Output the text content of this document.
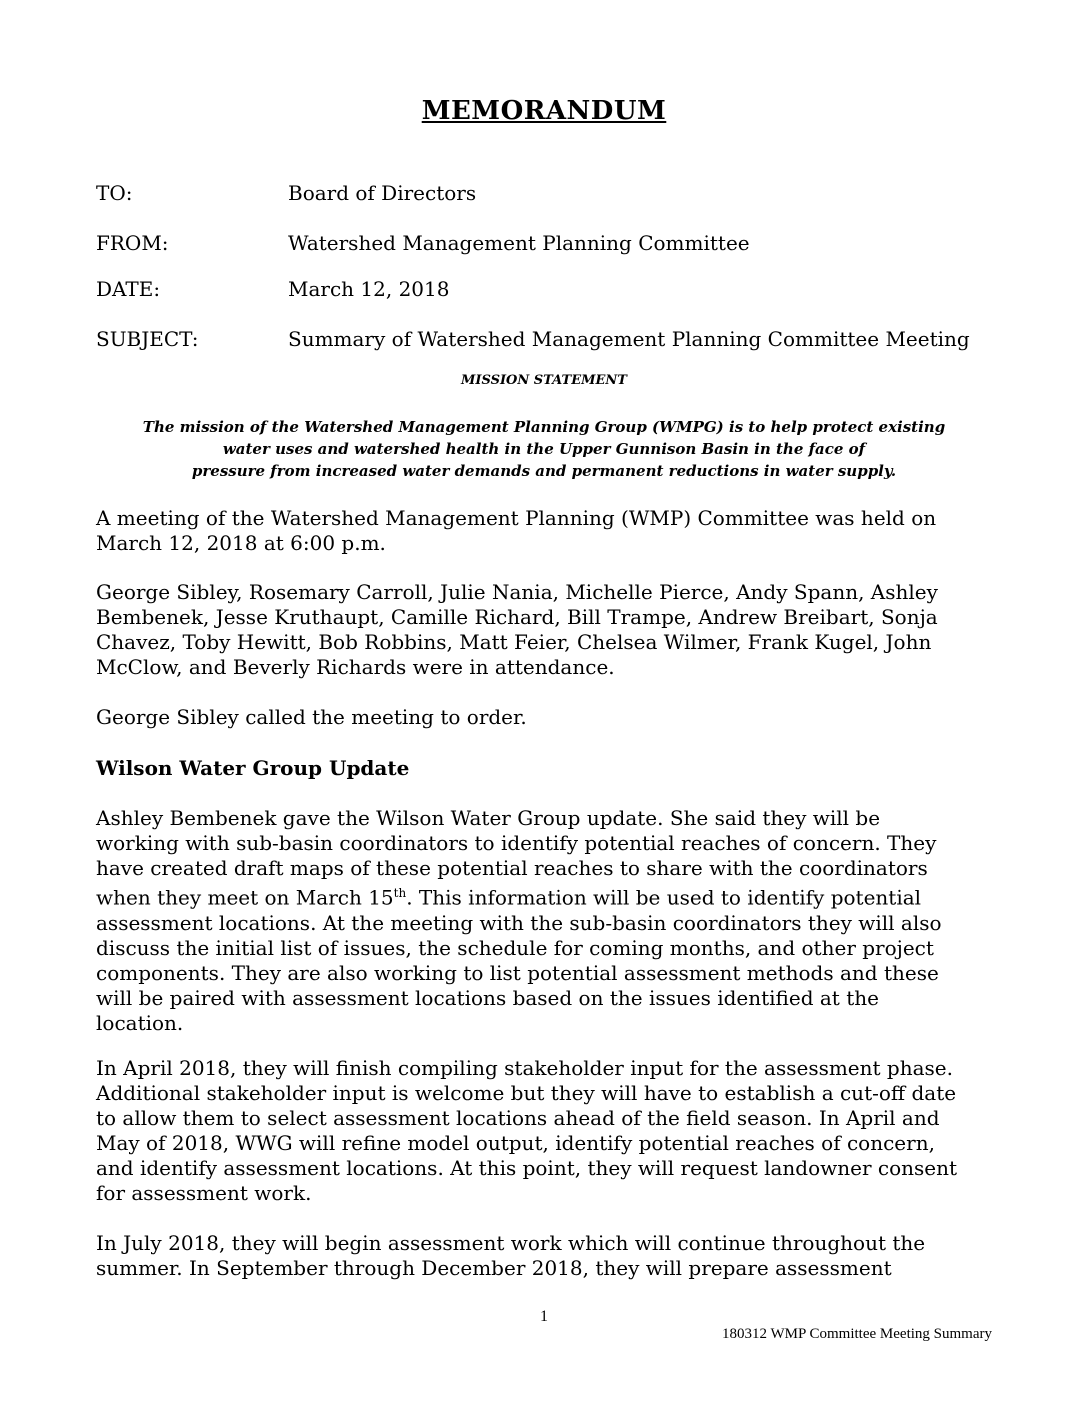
MEMORANDUM
TO:	Board of Directors
FROM:	Watershed Management Planning Committee
DATE:	March 12, 2018
SUBJECT:	Summary of Watershed Management Planning Committee Meeting
MISSION STATEMENT
The mission of the Watershed Management Planning Group (WMPG) is to help protect existing
water uses and watershed health in the Upper Gunnison Basin in the face of
pressure from increased water demands and permanent reductions in water supply.
A meeting of the Watershed Management Planning (WMP) Committee was held on
March 12, 2018 at 6:00 p.m.
George Sibley, Rosemary Carroll, Julie Nania, Michelle Pierce, Andy Spann, Ashley
Bembenek, Jesse Kruthaupt, Camille Richard, Bill Trampe, Andrew Breibart, Sonja
Chavez, Toby Hewitt, Bob Robbins, Matt Feier, Chelsea Wilmer, Frank Kugel, John
McClow, and Beverly Richards were in attendance.
George Sibley called the meeting to order.
Wilson Water Group Update
Ashley Bembenek gave the Wilson Water Group update. She said they will be
working with sub-basin coordinators to identify potential reaches of concern. They
have created draft maps of these potential reaches to share with the coordinators
when they meet on March 15th. This information will be used to identify potential
assessment locations. At the meeting with the sub-basin coordinators they will also
discuss the initial list of issues, the schedule for coming months, and other project
components. They are also working to list potential assessment methods and these
will be paired with assessment locations based on the issues identified at the
location.
In April 2018, they will finish compiling stakeholder input for the assessment phase.
Additional stakeholder input is welcome but they will have to establish a cut-off date
to allow them to select assessment locations ahead of the field season. In April and
May of 2018, WWG will refine model output, identify potential reaches of concern,
and identify assessment locations. At this point, they will request landowner consent
for assessment work.
In July 2018, they will begin assessment work which will continue throughout the
summer. In September through December 2018, they will prepare assessment
1
180312 WMP Committee Meeting Summary
